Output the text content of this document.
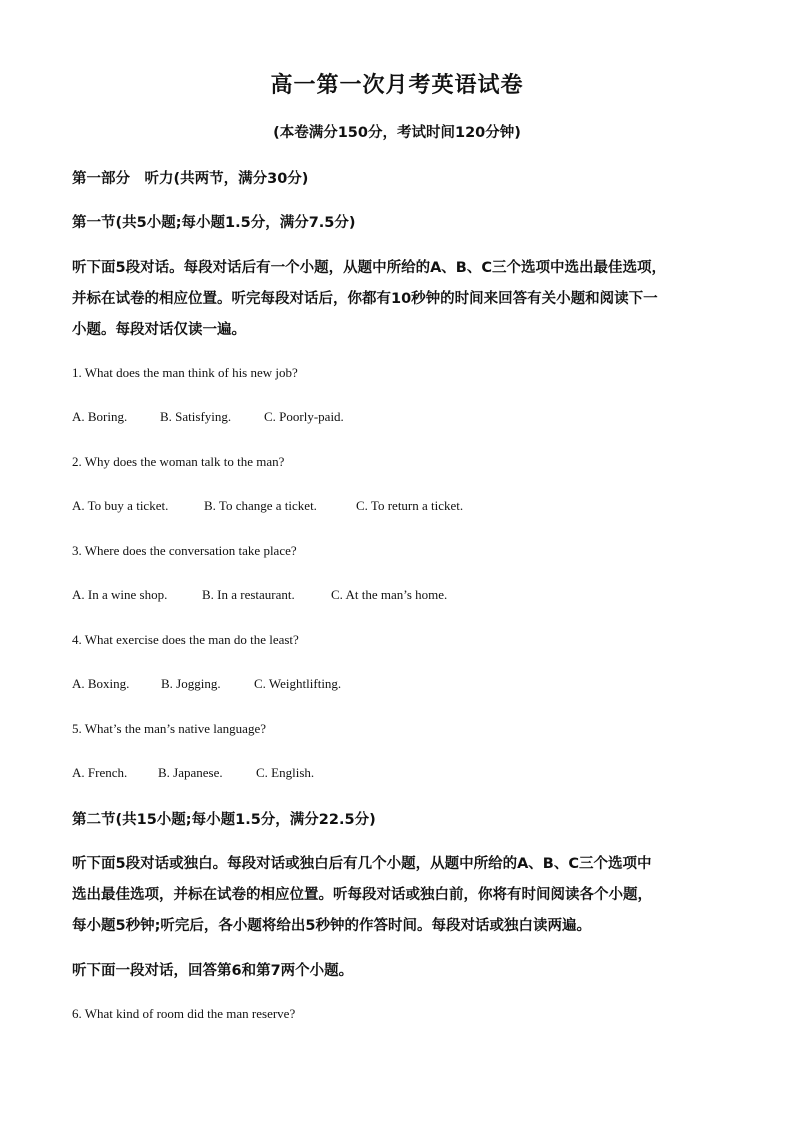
高一第一次月考英语试卷
(本卷满分150分，考试时间120分钟)
第一部分　听力(共两节，满分30分)
第一节(共5小题;每小题1.5分，满分7.5分)
听下面5段对话。每段对话后有一个小题，从题中所给的A、B、C三个选项中选出最佳选项，
并标在试卷的相应位置。听完每段对话后，你都有10秒钟的时间来回答有关小题和阅读下一
小题。每段对话仅读一遍。
1. What does the man think of his new job?
A. Boring.	B. Satisfying.	C. Poorly-paid.
2. Why does the woman talk to the man?
A. To buy a ticket.	B. To change a ticket.	C. To return a ticket.
3. Where does the conversation take place?
A. In a wine shop.	B. In a restaurant.	C. At the man’s home.
4. What exercise does the man do the least?
A. Boxing. B. Jogging.	C. Weightlifting.
5. What’s the man’s native language?
A. French. B. Japanese.	C. English.
第二节(共15小题;每小题1.5分，满分22.5分)
听下面5段对话或独白。每段对话或独白后有几个小题，从题中所给的A、B、C三个选项中
选出最佳选项，并标在试卷的相应位置。听每段对话或独白前，你将有时间阅读各个小题，
每小题5秒钟;听完后，各小题将给出5秒钟的作答时间。每段对话或独白读两遍。
听下面一段对话，回答第6和第7两个小题。
6. What kind of room did the man reserve?
